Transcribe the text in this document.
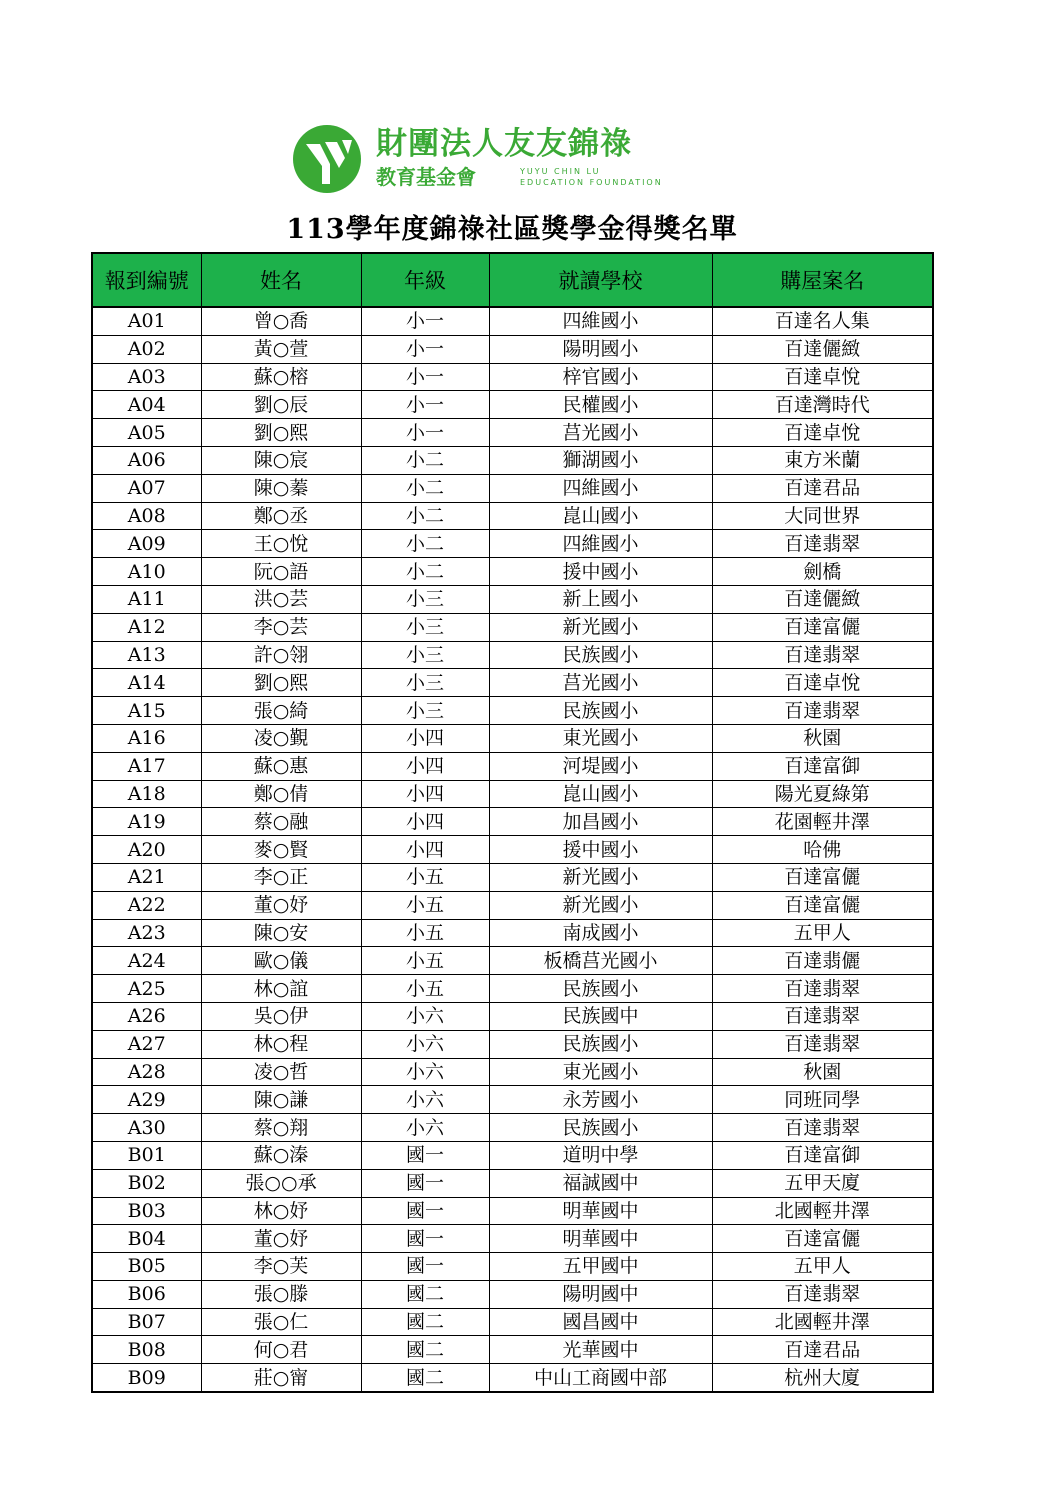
財團法人友友錦祿
教育基金會	YUYU CHIN LU
EDUCATION FOUNDATION
113學年度錦祿社區獎學金得獎名單
報到編號	姓名	年級	就讀學校	購屋案名
A01	曾○喬	小一	四維國小	百達名人集
A02	黃○萱	小一	陽明國小	百達儷緻
A03	蘇○榕	小一	梓官國小	百達卓悅
A04	劉○辰	小一	民權國小	百達灣時代
A05	劉○熙	小一	莒光國小	百達卓悅
A06	陳○宸	小二	獅湖國小	東方米蘭
A07	陳○蓁	小二	四維國小	百達君品
A08	鄭○丞	小二	崑山國小	大同世界
A09	王○悅	小二	四維國小	百達翡翠
A10	阮○語	小二	援中國小	劍橋
A11	洪○芸	小三	新上國小	百達儷緻
A12	李○芸	小三	新光國小	百達富儷
A13	許○翎	小三	民族國小	百達翡翠
A14	劉○熙	小三	莒光國小	百達卓悅
A15	張○綺	小三	民族國小	百達翡翠
A16	凌○覲	小四	東光國小	秋園
A17	蘇○惠	小四	河堤國小	百達富御
A18	鄭○倩	小四	崑山國小	陽光夏綠第
A19	蔡○融	小四	加昌國小	花園輕井澤
A20	麥○賢	小四	援中國小	哈佛
A21	李○正	小五	新光國小	百達富儷
A22	董○妤	小五	新光國小	百達富儷
A23	陳○安	小五	南成國小	五甲人
A24	歐○儀	小五	板橋莒光國小	百達翡儷
A25	林○誼	小五	民族國小	百達翡翠
A26	吳○伊	小六	民族國中	百達翡翠
A27	林○程	小六	民族國小	百達翡翠
A28	凌○哲	小六	東光國小	秋園
A29	陳○謙	小六	永芳國小	同班同學
A30	蔡○翔	小六	民族國小	百達翡翠
B01	蘇○溱	國一	道明中學	百達富御
B02	張○○承	國一	福誠國中	五甲天廈
B03	林○妤	國一	明華國中	北國輕井澤
B04	董○妤	國一	明華國中	百達富儷
B05	李○芙	國一	五甲國中	五甲人
B06	張○滕	國二	陽明國中	百達翡翠
B07	張○仁	國二	國昌國中	北國輕井澤
B08	何○君	國二	光華國中	百達君品
B09	莊○甯	國二	中山工商國中部	杭州大廈
